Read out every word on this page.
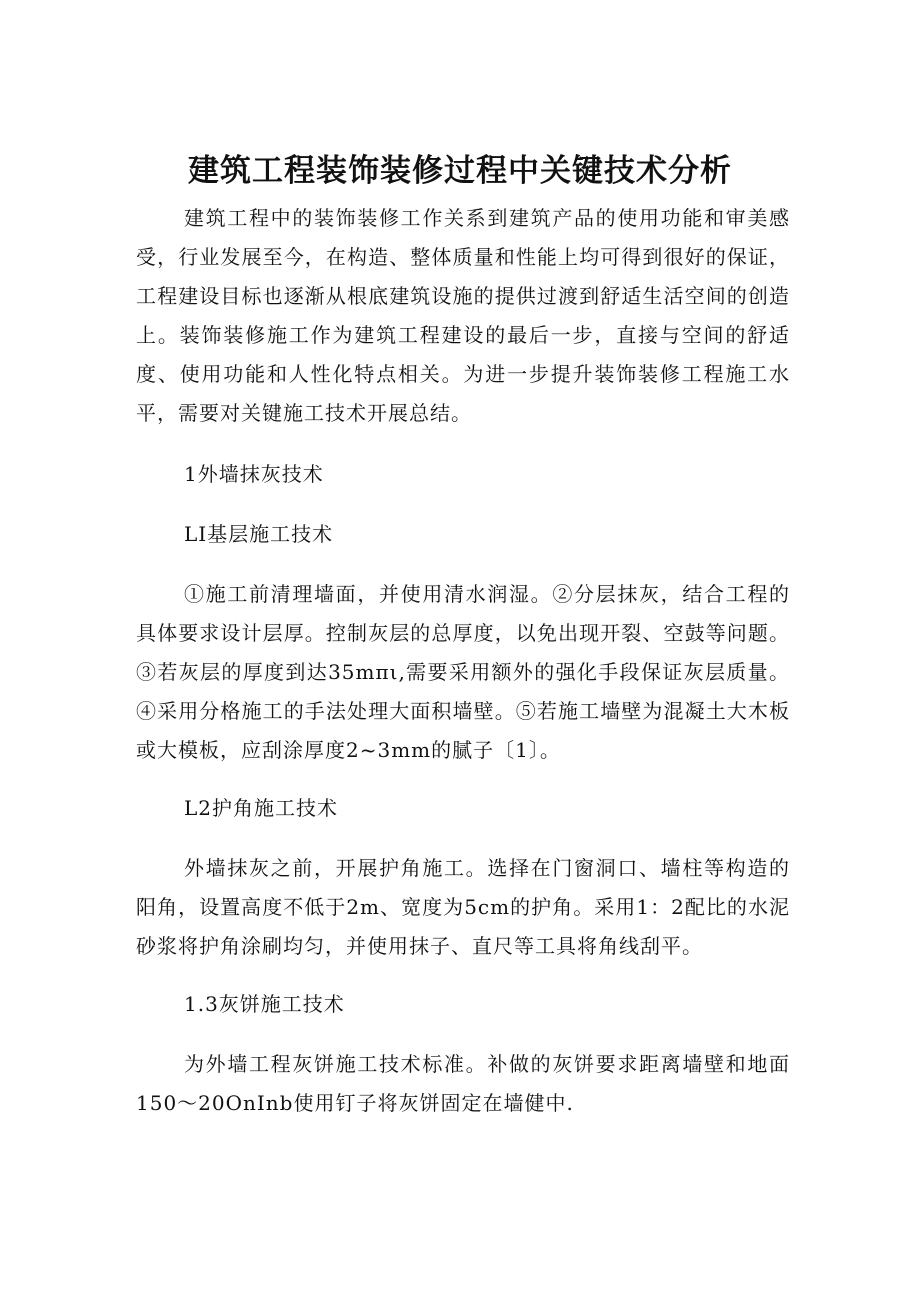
建筑工程装饰装修过程中关键技术分析

建筑工程中的装饰装修工作关系到建筑产品的使用功能和审美感受，行业发展至今，在构造、整体质量和性能上均可得到很好的保证，工程建设目标也逐渐从根底建筑设施的提供过渡到舒适生活空间的创造上。装饰装修施工作为建筑工程建设的最后一步，直接与空间的舒适度、使用功能和人性化特点相关。为进一步提升装饰装修工程施工水平，需要对关键施工技术开展总结。

1外墙抹灰技术

LI基层施工技术

①施工前清理墙面，并使用清水润湿。②分层抹灰，结合工程的具体要求设计层厚。控制灰层的总厚度，以免出现开裂、空鼓等问题。③若灰层的厚度到达35mπι,需要采用额外的强化手段保证灰层质量。④采用分格施工的手法处理大面积墙壁。⑤若施工墙壁为混凝土大木板或大模板，应刮涂厚度2~3mm的腻子〔1〕。

L2护角施工技术

外墙抹灰之前，开展护角施工。选择在门窗洞口、墙柱等构造的阳角，设置高度不低于2m、宽度为5cm的护角。采用1：2配比的水泥砂浆将护角涂刷均匀，并使用抹子、直尺等工具将角线刮平。

1.3灰饼施工技术

为外墙工程灰饼施工技术标准。补做的灰饼要求距离墙壁和地面150～20OnInb使用钉子将灰饼固定在墙健中.
